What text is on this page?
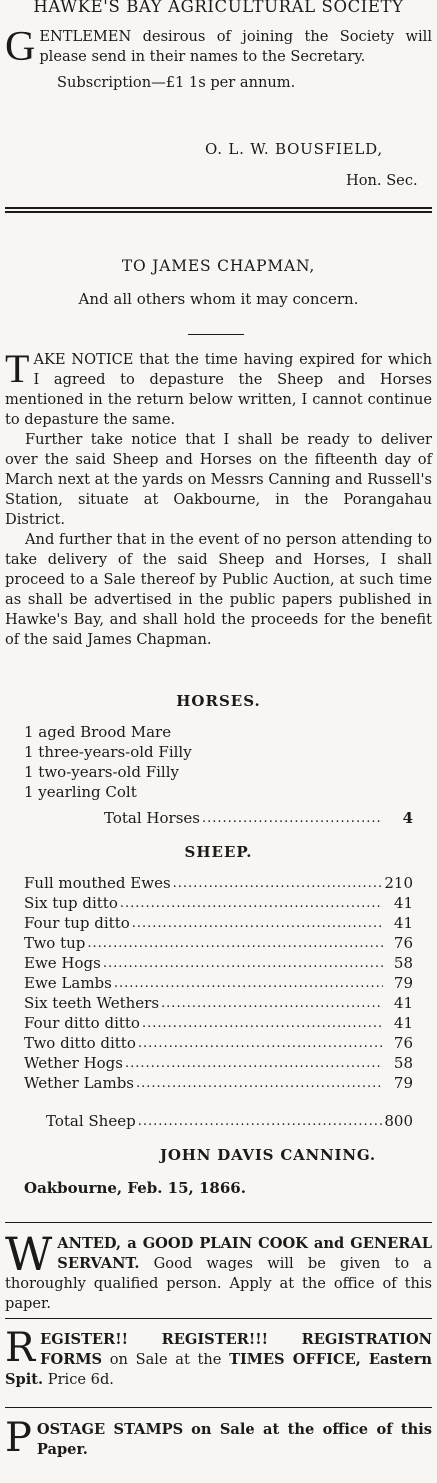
HAWKE'S BAY AGRICULTURAL SOCIETY
GENTLEMEN desirous of joining the Society will please send in their names to the Secretary.
Subscription—£1 1s per annum.
O. L. W. BOUSFIELD,
Hon. Sec.
TO JAMES CHAPMAN,
And all others whom it may concern.
TAKE NOTICE that the time having expired for which I agreed to depasture the Sheep and Horses mentioned in the return below written, I cannot continue to depasture the same.
Further take notice that I shall be ready to deliver over the said Sheep and Horses on the fifteenth day of March next at the yards on Messrs Canning and Russell's Station, situate at Oakbourne, in the Porangahau District.
And further that in the event of no person attending to take delivery of the said Sheep and Horses, I shall proceed to a Sale thereof by Public Auction, at such time as shall be advertised in the public papers published in Hawke's Bay, and shall hold the proceeds for the benefit of the said James Chapman.
HORSES.
1 aged Brood Mare
1 three-years-old Filly
1 two-years-old Filly
1 yearling Colt
Total Horses .....	4
SHEEP.
Full mouthed Ewes .....	210
Six tup ditto .....	41
Four tup ditto .....	41
Two tup .....	76
Ewe Hogs .....	58
Ewe Lambs .....	79
Six teeth Wethers .....	41
Four ditto ditto .....	41
Two ditto ditto .....	76
Wether Hogs .....	58
Wether Lambs .....	79
Total Sheep .....	800
JOHN DAVIS CANNING.
Oakbourne, Feb. 15, 1866.
WANTED, a GOOD PLAIN COOK and GENERAL SERVANT. Good wages will be given to a thoroughly qualified person. Apply at the office of this paper.
REGISTER!! REGISTER!!! REGISTRATION FORMS on Sale at the TIMES OFFICE, Eastern Spit. Price 6d.
POSTAGE STAMPS on Sale at the office of this Paper.
